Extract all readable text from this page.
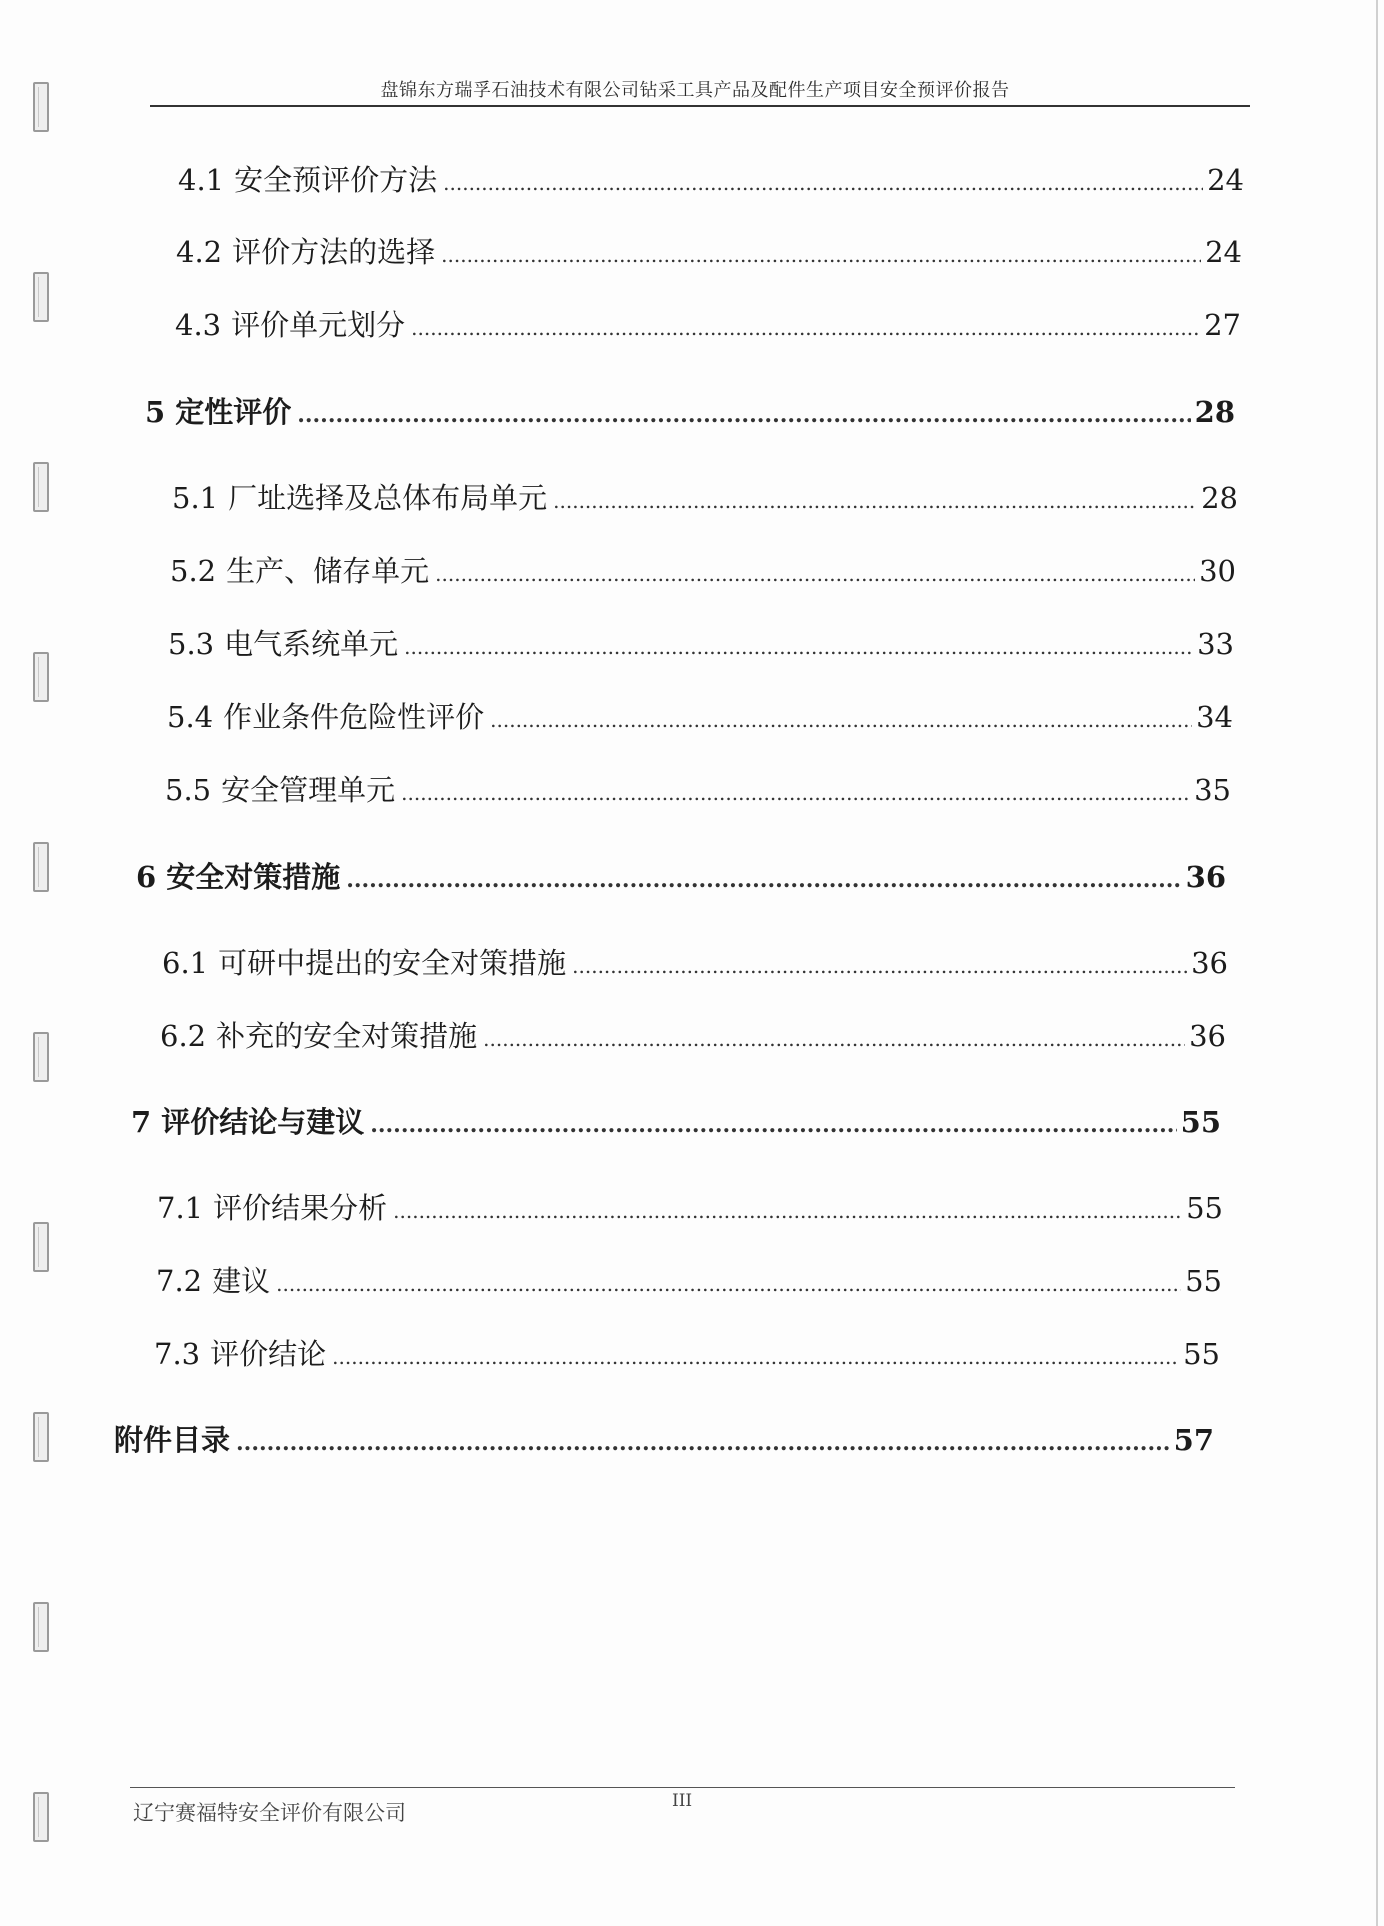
盘锦东方瑞孚石油技术有限公司钻采工具产品及配件生产项目安全预评价报告
4.1 安全预评价方法 .....	24
4.2 评价方法的选择 .....	24
4.3 评价单元划分 .....	27
5 定性评价 .....	28
5.1 厂址选择及总体布局单元 .....	28
5.2 生产、储存单元 .....	30
5.3 电气系统单元 .....	33
5.4 作业条件危险性评价 .....	34
5.5 安全管理单元 .....	35
6 安全对策措施 .....	36
6.1 可研中提出的安全对策措施 .....	36
6.2 补充的安全对策措施 .....	36
7 评价结论与建议 .....	55
7.1 评价结果分析 .....	55
7.2 建议 .....	55
7.3 评价结论 .....	55
附件目录 .....	57
辽宁赛福特安全评价有限公司	III
